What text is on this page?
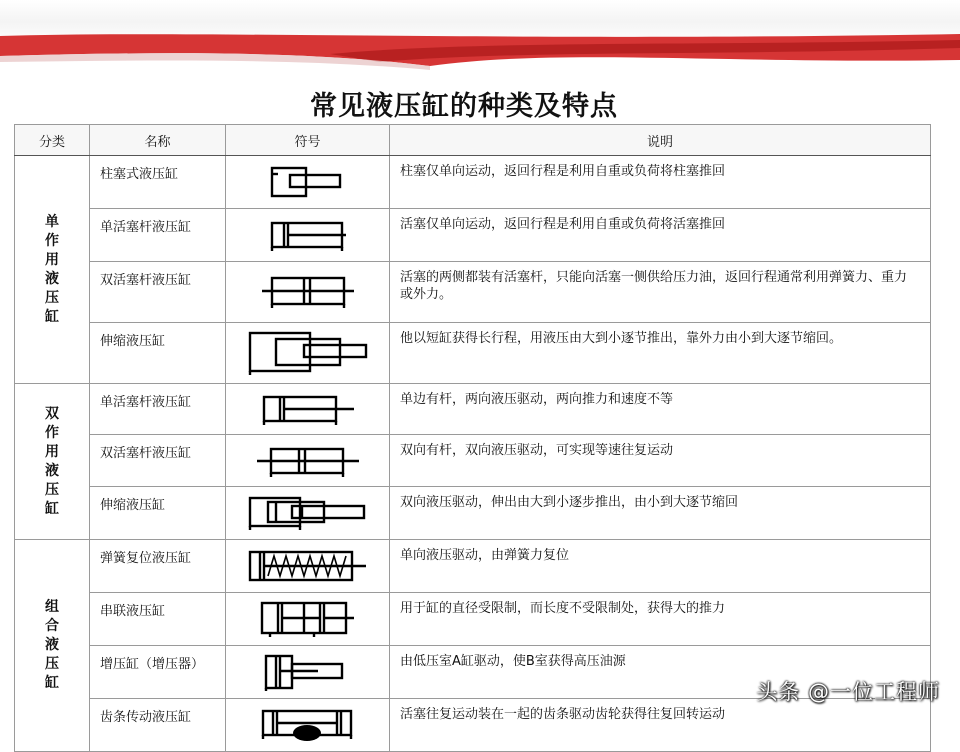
常见液压缸的种类及特点
分类	名称	符号	说明
单作用液压缸	柱塞式液压缸		柱塞仅单向运动，返回行程是利用自重或负荷将柱塞推回
	单活塞杆液压缸		活塞仅单向运动，返回行程是利用自重或负荷将活塞推回
	双活塞杆液压缸		活塞的两侧都装有活塞杆，只能向活塞一侧供给压力油，返回行程通常利用弹簧力、重力或外力。
	伸缩液压缸		他以短缸获得长行程，用液压由大到小逐节推出，靠外力由小到大逐节缩回。
双作用液压缸	单活塞杆液压缸		单边有杆，两向液压驱动，两向推力和速度不等
	双活塞杆液压缸		双向有杆，双向液压驱动，可实现等速往复运动
	伸缩液压缸		双向液压驱动，伸出由大到小逐步推出，由小到大逐节缩回
组合液压缸	弹簧复位液压缸		单向液压驱动，由弹簧力复位
	串联液压缸		用于缸的直径受限制，而长度不受限制处，获得大的推力
	增压缸（增压器）		由低压室A缸驱动，使B室获得高压油源
	齿条传动液压缸		活塞往复运动装在一起的齿条驱动齿轮获得往复回转运动
头条 @一位工程师
